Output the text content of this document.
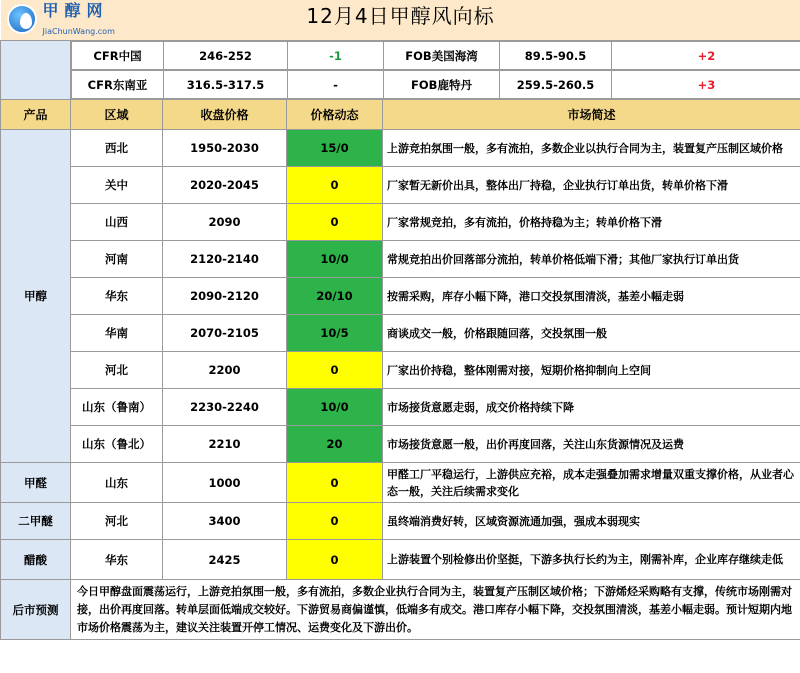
甲醇网
JiaChunWang.com
12月4日甲醇风向标

CFR中国	246-252	-1	FOB美国海湾	89.5-90.5	+2

CFR东南亚	316.5-317.5	-	FOB鹿特丹	259.5-260.5	+3

产品	区域	收盘价格	价格动态	市场简述
甲醇	西北	1950-2030	15/0	上游竞拍氛围一般，多有流拍，多数企业以执行合同为主，装置复产压制区域价格
关中	2020-2045	0	厂家暂无新价出具，整体出厂持稳，企业执行订单出货，转单价格下滑
山西	2090	0	厂家常规竞拍，多有流拍，价格持稳为主；转单价格下滑
河南	2120-2140	10/0	常规竞拍出价回落部分流拍，转单价格低端下滑；其他厂家执行订单出货
华东	2090-2120	20/10	按需采购，库存小幅下降，港口交投氛围清淡，基差小幅走弱
华南	2070-2105	10/5	商谈成交一般，价格跟随回落，交投氛围一般
河北	2200	0	厂家出价持稳，整体刚需对接，短期价格抑制向上空间
山东（鲁南）	2230-2240	10/0	市场接货意愿走弱，成交价格持续下降
山东（鲁北）	2210	20	市场接货意愿一般，出价再度回落，关注山东货源情况及运费
甲醛	山东	1000	0	甲醛工厂平稳运行，上游供应充裕，成本走强叠加需求增量双重支撑价格，从业者心态一般，关注后续需求变化
二甲醚	河北	3400	0	虽终端消费好转，区域资源流通加强，强成本弱现实
醋酸	华东	2425	0	上游装置个别检修出价坚挺，下游多执行长约为主，刚需补库，企业库存继续走低
后市预测	今日甲醇盘面震荡运行，上游竞拍氛围一般，多有流拍，多数企业执行合同为主，装置复产压制区域价格；下游烯烃采购略有支撑，传统市场刚需对接，出价再度回落。转单层面低端成交较好。下游贸易商偏谨慎，低端多有成交。港口库存小幅下降，交投氛围清淡，基差小幅走弱。预计短期内地市场价格震荡为主，建议关注装置开停工情况、运费变化及下游出价。
